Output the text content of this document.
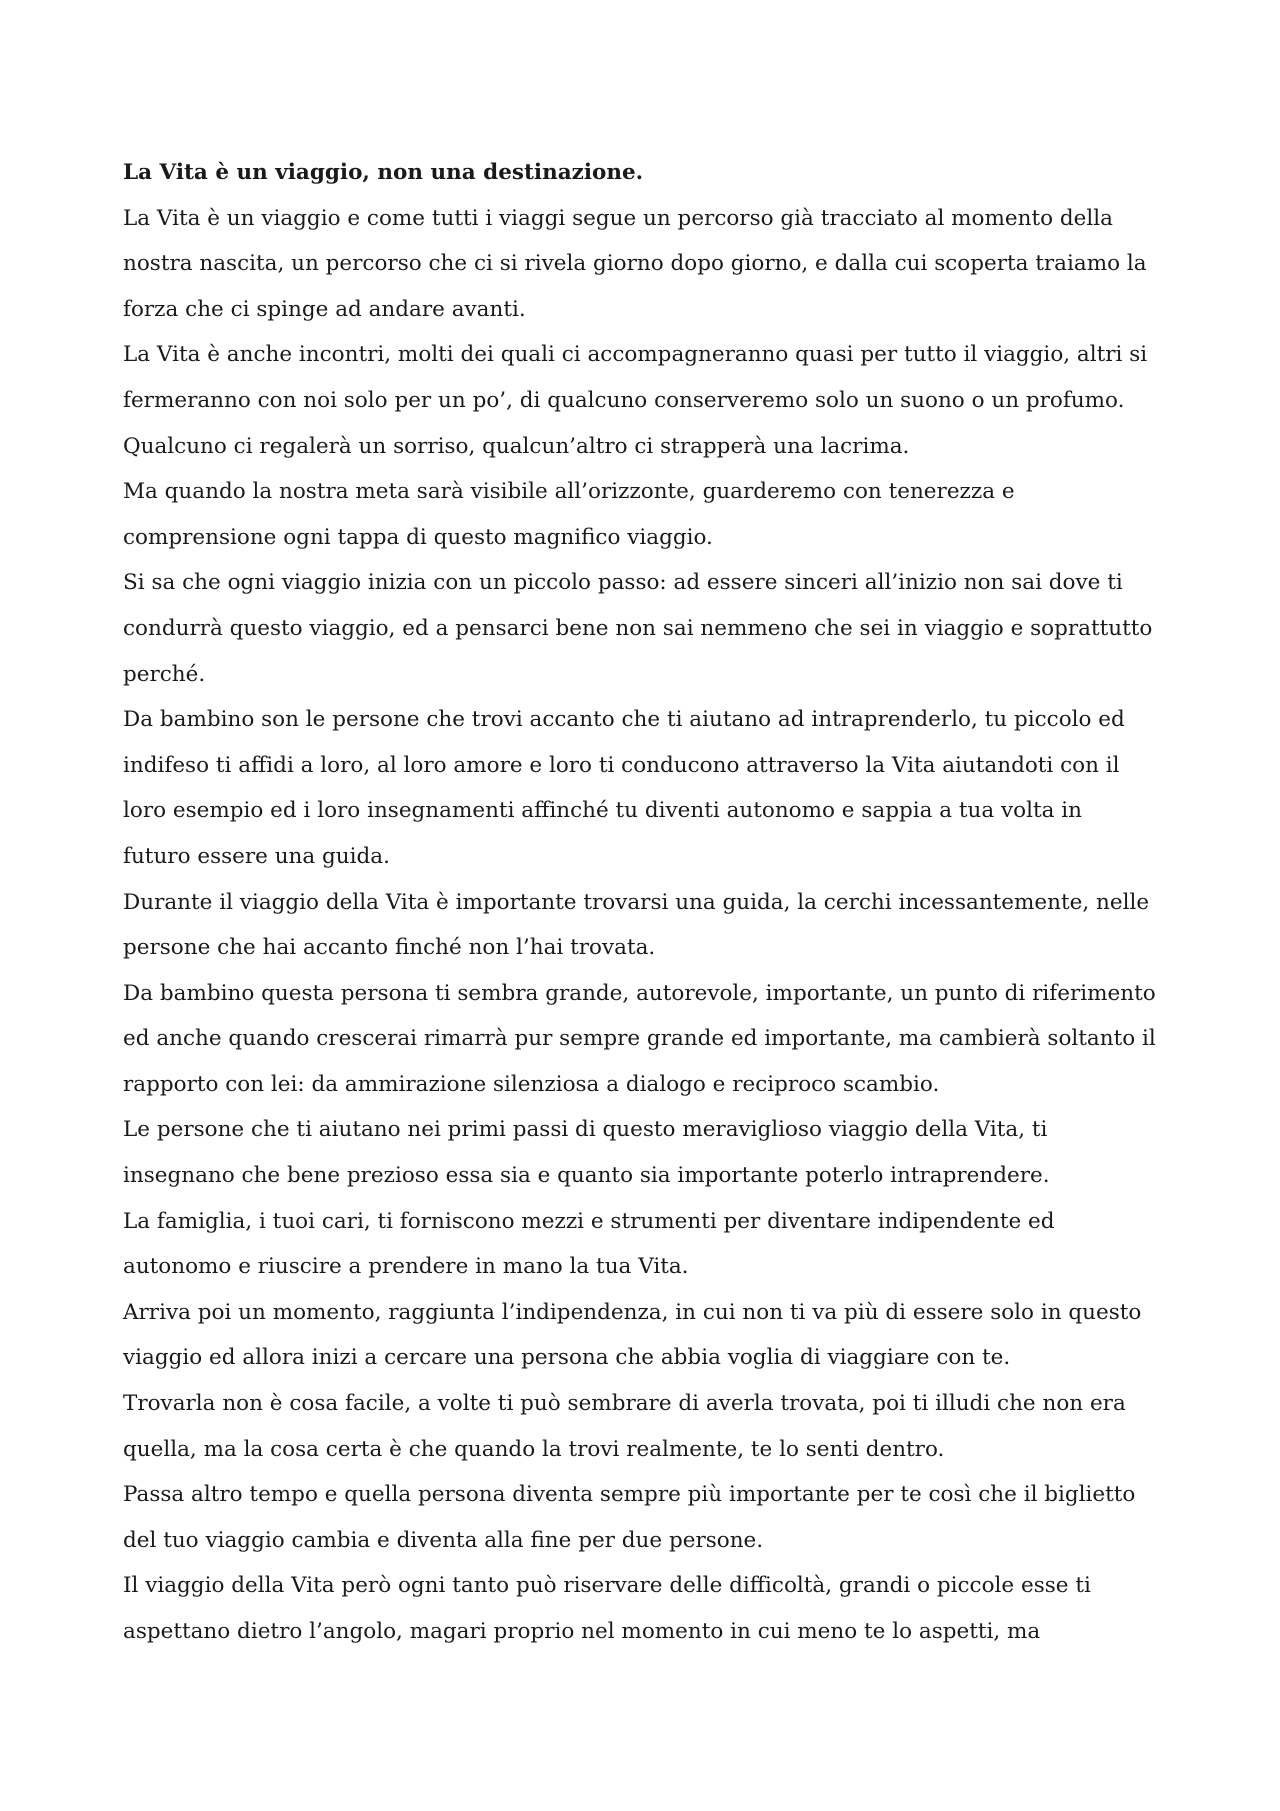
La Vita è un viaggio, non una destinazione.
La Vita è un viaggio e come tutti i viaggi segue un percorso già tracciato al momento della
nostra nascita, un percorso che ci si rivela giorno dopo giorno, e dalla cui scoperta traiamo la
forza che ci spinge ad andare avanti.
La Vita è anche incontri, molti dei quali ci accompagneranno quasi per tutto il viaggio, altri si
fermeranno con noi solo per un po’, di qualcuno conserveremo solo un suono o un profumo.
Qualcuno ci regalerà un sorriso, qualcun’altro ci strapperà una lacrima.
Ma quando la nostra meta sarà visibile all’orizzonte, guarderemo con tenerezza e
comprensione ogni tappa di questo magnifico viaggio.
Si sa che ogni viaggio inizia con un piccolo passo: ad essere sinceri all’inizio non sai dove ti
condurrà questo viaggio, ed a pensarci bene non sai nemmeno che sei in viaggio e soprattutto
perché.
Da bambino son le persone che trovi accanto che ti aiutano ad intraprenderlo, tu piccolo ed
indifeso ti affidi a loro, al loro amore e loro ti conducono attraverso la Vita aiutandoti con il
loro esempio ed i loro insegnamenti affinché tu diventi autonomo e sappia a tua volta in
futuro essere una guida.
Durante il viaggio della Vita è importante trovarsi una guida, la cerchi incessantemente, nelle
persone che hai accanto finché non l’hai trovata.
Da bambino questa persona ti sembra grande, autorevole, importante, un punto di riferimento
ed anche quando crescerai rimarrà pur sempre grande ed importante, ma cambierà soltanto il
rapporto con lei: da ammirazione silenziosa a dialogo e reciproco scambio.
Le persone che ti aiutano nei primi passi di questo meraviglioso viaggio della Vita, ti
insegnano che bene prezioso essa sia e quanto sia importante poterlo intraprendere.
La famiglia, i tuoi cari, ti forniscono mezzi e strumenti per diventare indipendente ed
autonomo e riuscire a prendere in mano la tua Vita.
Arriva poi un momento, raggiunta l’indipendenza, in cui non ti va più di essere solo in questo
viaggio ed allora inizi a cercare una persona che abbia voglia di viaggiare con te.
Trovarla non è cosa facile, a volte ti può sembrare di averla trovata, poi ti illudi che non era
quella, ma la cosa certa è che quando la trovi realmente, te lo senti dentro.
Passa altro tempo e quella persona diventa sempre più importante per te così che il biglietto
del tuo viaggio cambia e diventa alla fine per due persone.
Il viaggio della Vita però ogni tanto può riservare delle difficoltà, grandi o piccole esse ti
aspettano dietro l’angolo, magari proprio nel momento in cui meno te lo aspetti, ma
